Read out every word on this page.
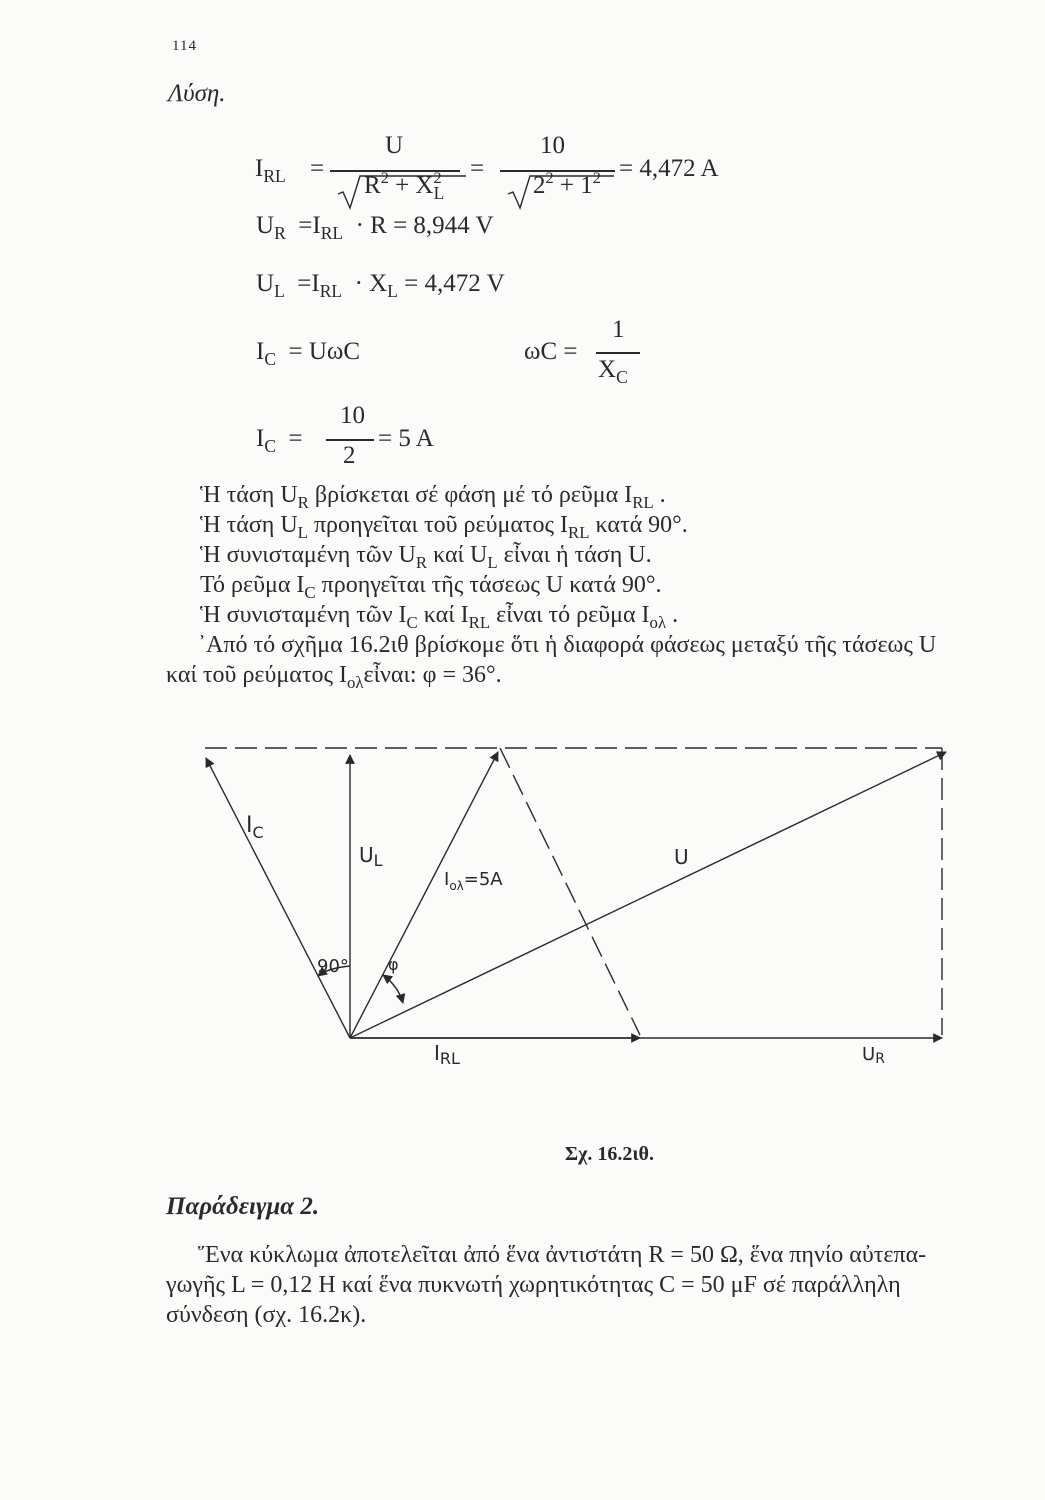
114
Λύση.
$I_{RL}$ =
U
$R^2 + X^2_L$
=
10
$2^2 + 1^2 = 4,472$ A
$U_R =I_{RL} \cdot R = 8,944$ V
$U_L =I_{RL} \cdot X_L = 4,472$ V
$I_C = U\omega C$	ωC =
1
$X_C$
$I_C$ =
10
2
= 5 A
Ἡ τάση $U_R$ βρίσκεται σέ φάση μέ τό ρεῦμα $I_{RL}$ .
Ἡ τάση $U_L$ προηγεῖται τοῦ ρεύματος $I_{RL}$ κατά 90°.
Ἡ συνισταμένη τῶν $U_R$ καί $U_L$ εἶναι ἡ τάση U.
Τό ρεῦμα $I_C$ προηγεῖται τῆς τάσεως U κατά 90°.
Ἡ συνισταμένη τῶν $I_C$ καί $I_{RL}$ εἶναι τό ρεῦμα $I_{o\lambda}$ .
᾿Από τό σχῆμα 16.2ιθ βρίσκομε ὅτι ἡ διαφορά φάσεως μεταξύ τῆς τάσεως U
καί τοῦ ρεύματος $I_{o\lambda}\varepsilon ἶ\nu\alpha\iota$: φ = 36°.
$I_C$
$U_L$
$I_{o\lambda}=5A$
U
90° φ
$I_{RL}$	UR
Σχ. 16.2ιθ.
Παράδειγμα 2.
Ἕνα κύκλωμα ἀποτελεῖται ἀπό ἕνα ἀντιστάτη R = 50 Ω, ἕνα πηνίο αὐτεπα-
γωγῆς L = 0,12 H καί ἕνα πυκνωτή χωρητικότητας C = 50 μF σέ παράλληλη
σύνδεση (σχ. 16.2κ).
